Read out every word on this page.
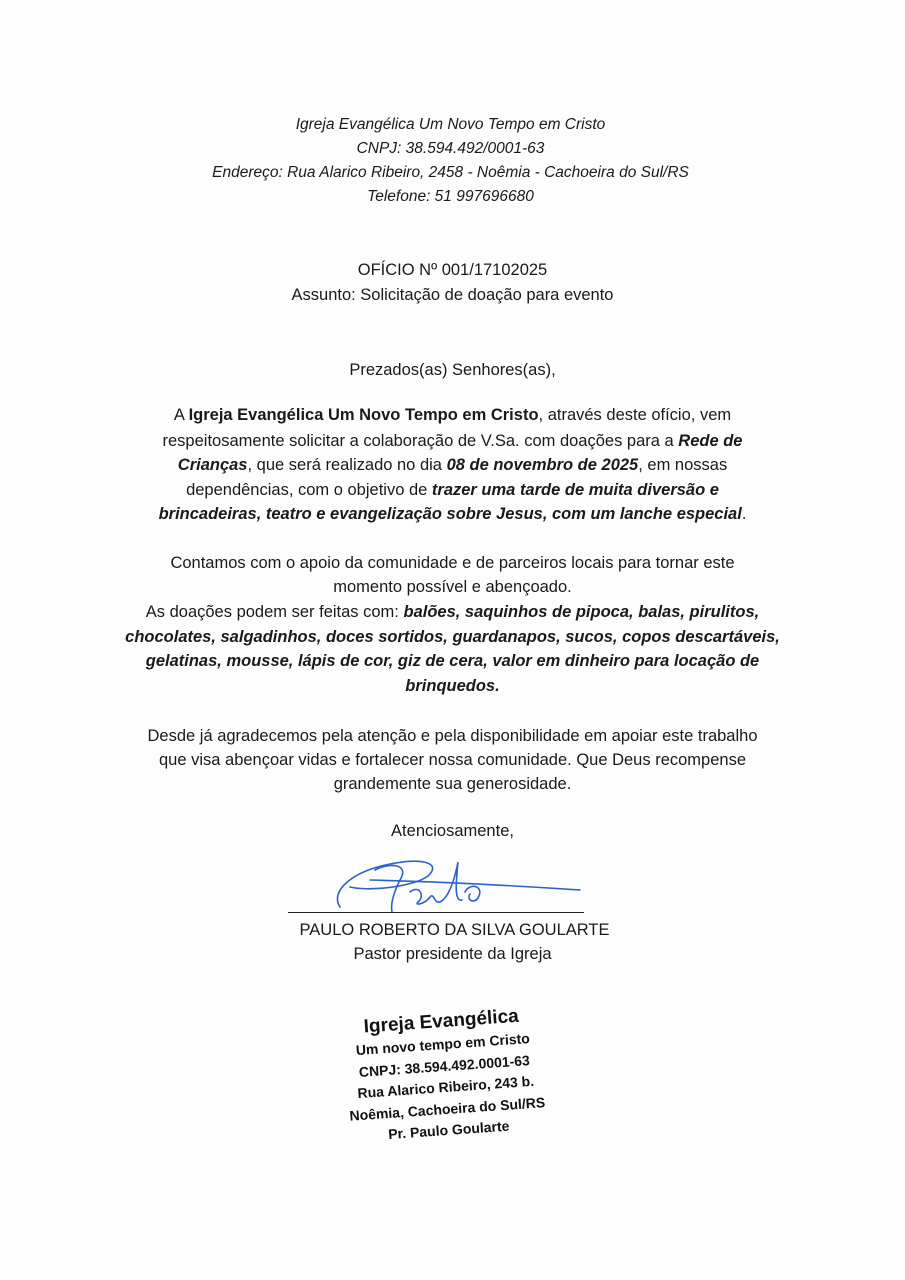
Igreja Evangélica Um Novo Tempo em Cristo
CNPJ: 38.594.492/0001-63
Endereço: Rua Alarico Ribeiro, 2458 - Noêmia - Cachoeira do Sul/RS
Telefone: 51 997696680
OFÍCIO Nº 001/17102025
Assunto: Solicitação de doação para evento
Prezados(as) Senhores(as),
A Igreja Evangélica Um Novo Tempo em Cristo, através deste ofício, vem
respeitosamente solicitar a colaboração de V.Sa. com doações para a Rede de
Crianças, que será realizado no dia 08 de novembro de 2025, em nossas
dependências, com o objetivo de trazer uma tarde de muita diversão e
brincadeiras, teatro e evangelização sobre Jesus, com um lanche especial.
Contamos com o apoio da comunidade e de parceiros locais para tornar este
momento possível e abençoado.
As doações podem ser feitas com: balões, saquinhos de pipoca, balas, pirulitos,
chocolates, salgadinhos, doces sortidos, guardanapos, sucos, copos descartáveis,
gelatinas, mousse, lápis de cor, giz de cera, valor em dinheiro para locação de
brinquedos.
Desde já agradecemos pela atenção e pela disponibilidade em apoiar este trabalho
que visa abençoar vidas e fortalecer nossa comunidade. Que Deus recompense
grandemente sua generosidade.
Atenciosamente,
PAULO ROBERTO DA SILVA GOULARTE
Pastor presidente da Igreja
Igreja Evangélica
Um novo tempo em Cristo
CNPJ: 38.594.492.0001-63
Rua Alarico Ribeiro, 243 b.
Noêmia, Cachoeira do Sul/RS
Pr. Paulo Goularte
